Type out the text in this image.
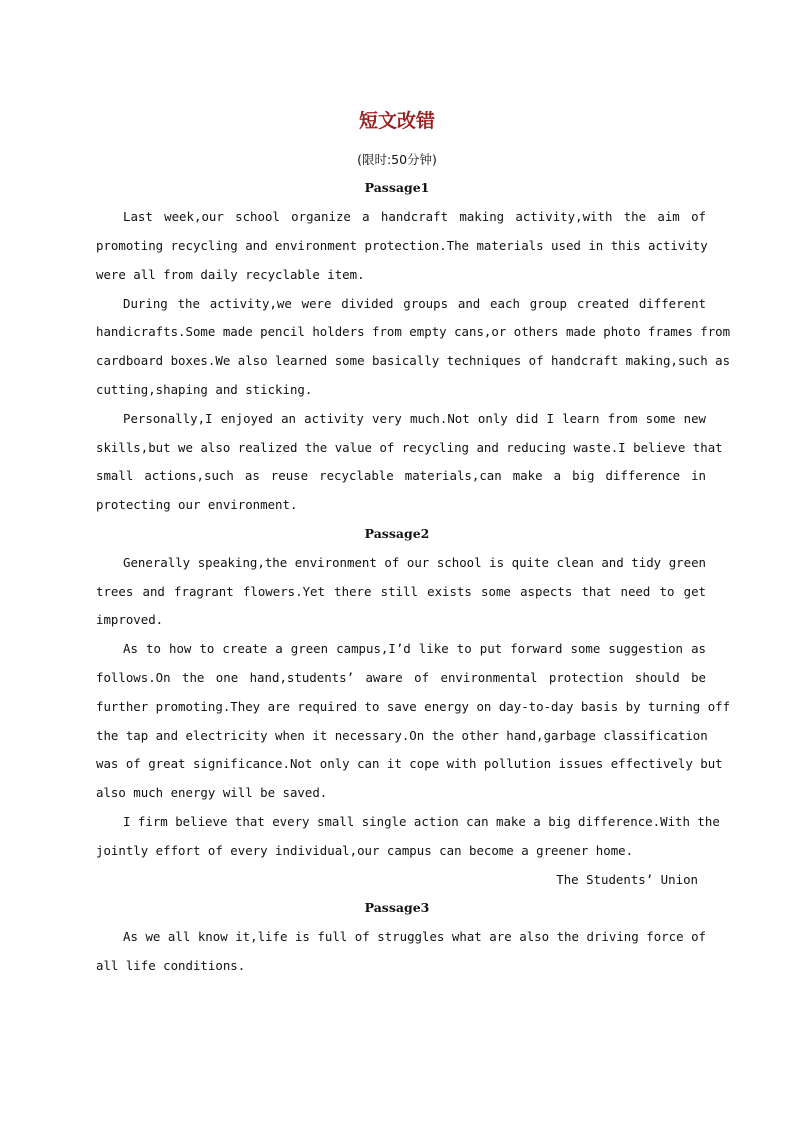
短文改错
(限时:50分钟)
Passage1
Last week,our school organize a handcraft making activity,with the aim of
promoting recycling and environment protection.The materials used in this activity
were all from daily recyclable item.
During the activity,we were divided groups and each group created different
handicrafts.Some made pencil holders from empty cans,or others made photo frames from
cardboard boxes.We also learned some basically techniques of handcraft making,such as
cutting,shaping and sticking.
Personally,I enjoyed an activity very much.Not only did I learn from some new
skills,but we also realized the value of recycling and reducing waste.I believe that
small actions,such as reuse recyclable materials,can make a big difference in
protecting our environment.
Passage2
Generally speaking,the environment of our school is quite clean and tidy green
trees and fragrant flowers.Yet there still exists some aspects that need to get
improved.
As to how to create a green campus,I’d like to put forward some suggestion as
follows.On the one hand,students’ aware of environmental protection should be
further promoting.They are required to save energy on day-to-day basis by turning off
the tap and electricity when it necessary.On the other hand,garbage classification
was of great significance.Not only can it cope with pollution issues effectively but
also much energy will be saved.
I firm believe that every small single action can make a big difference.With the
jointly effort of every individual,our campus can become a greener home.
The Students’ Union
Passage3
As we all know it,life is full of struggles what are also the driving force of
all life conditions.
